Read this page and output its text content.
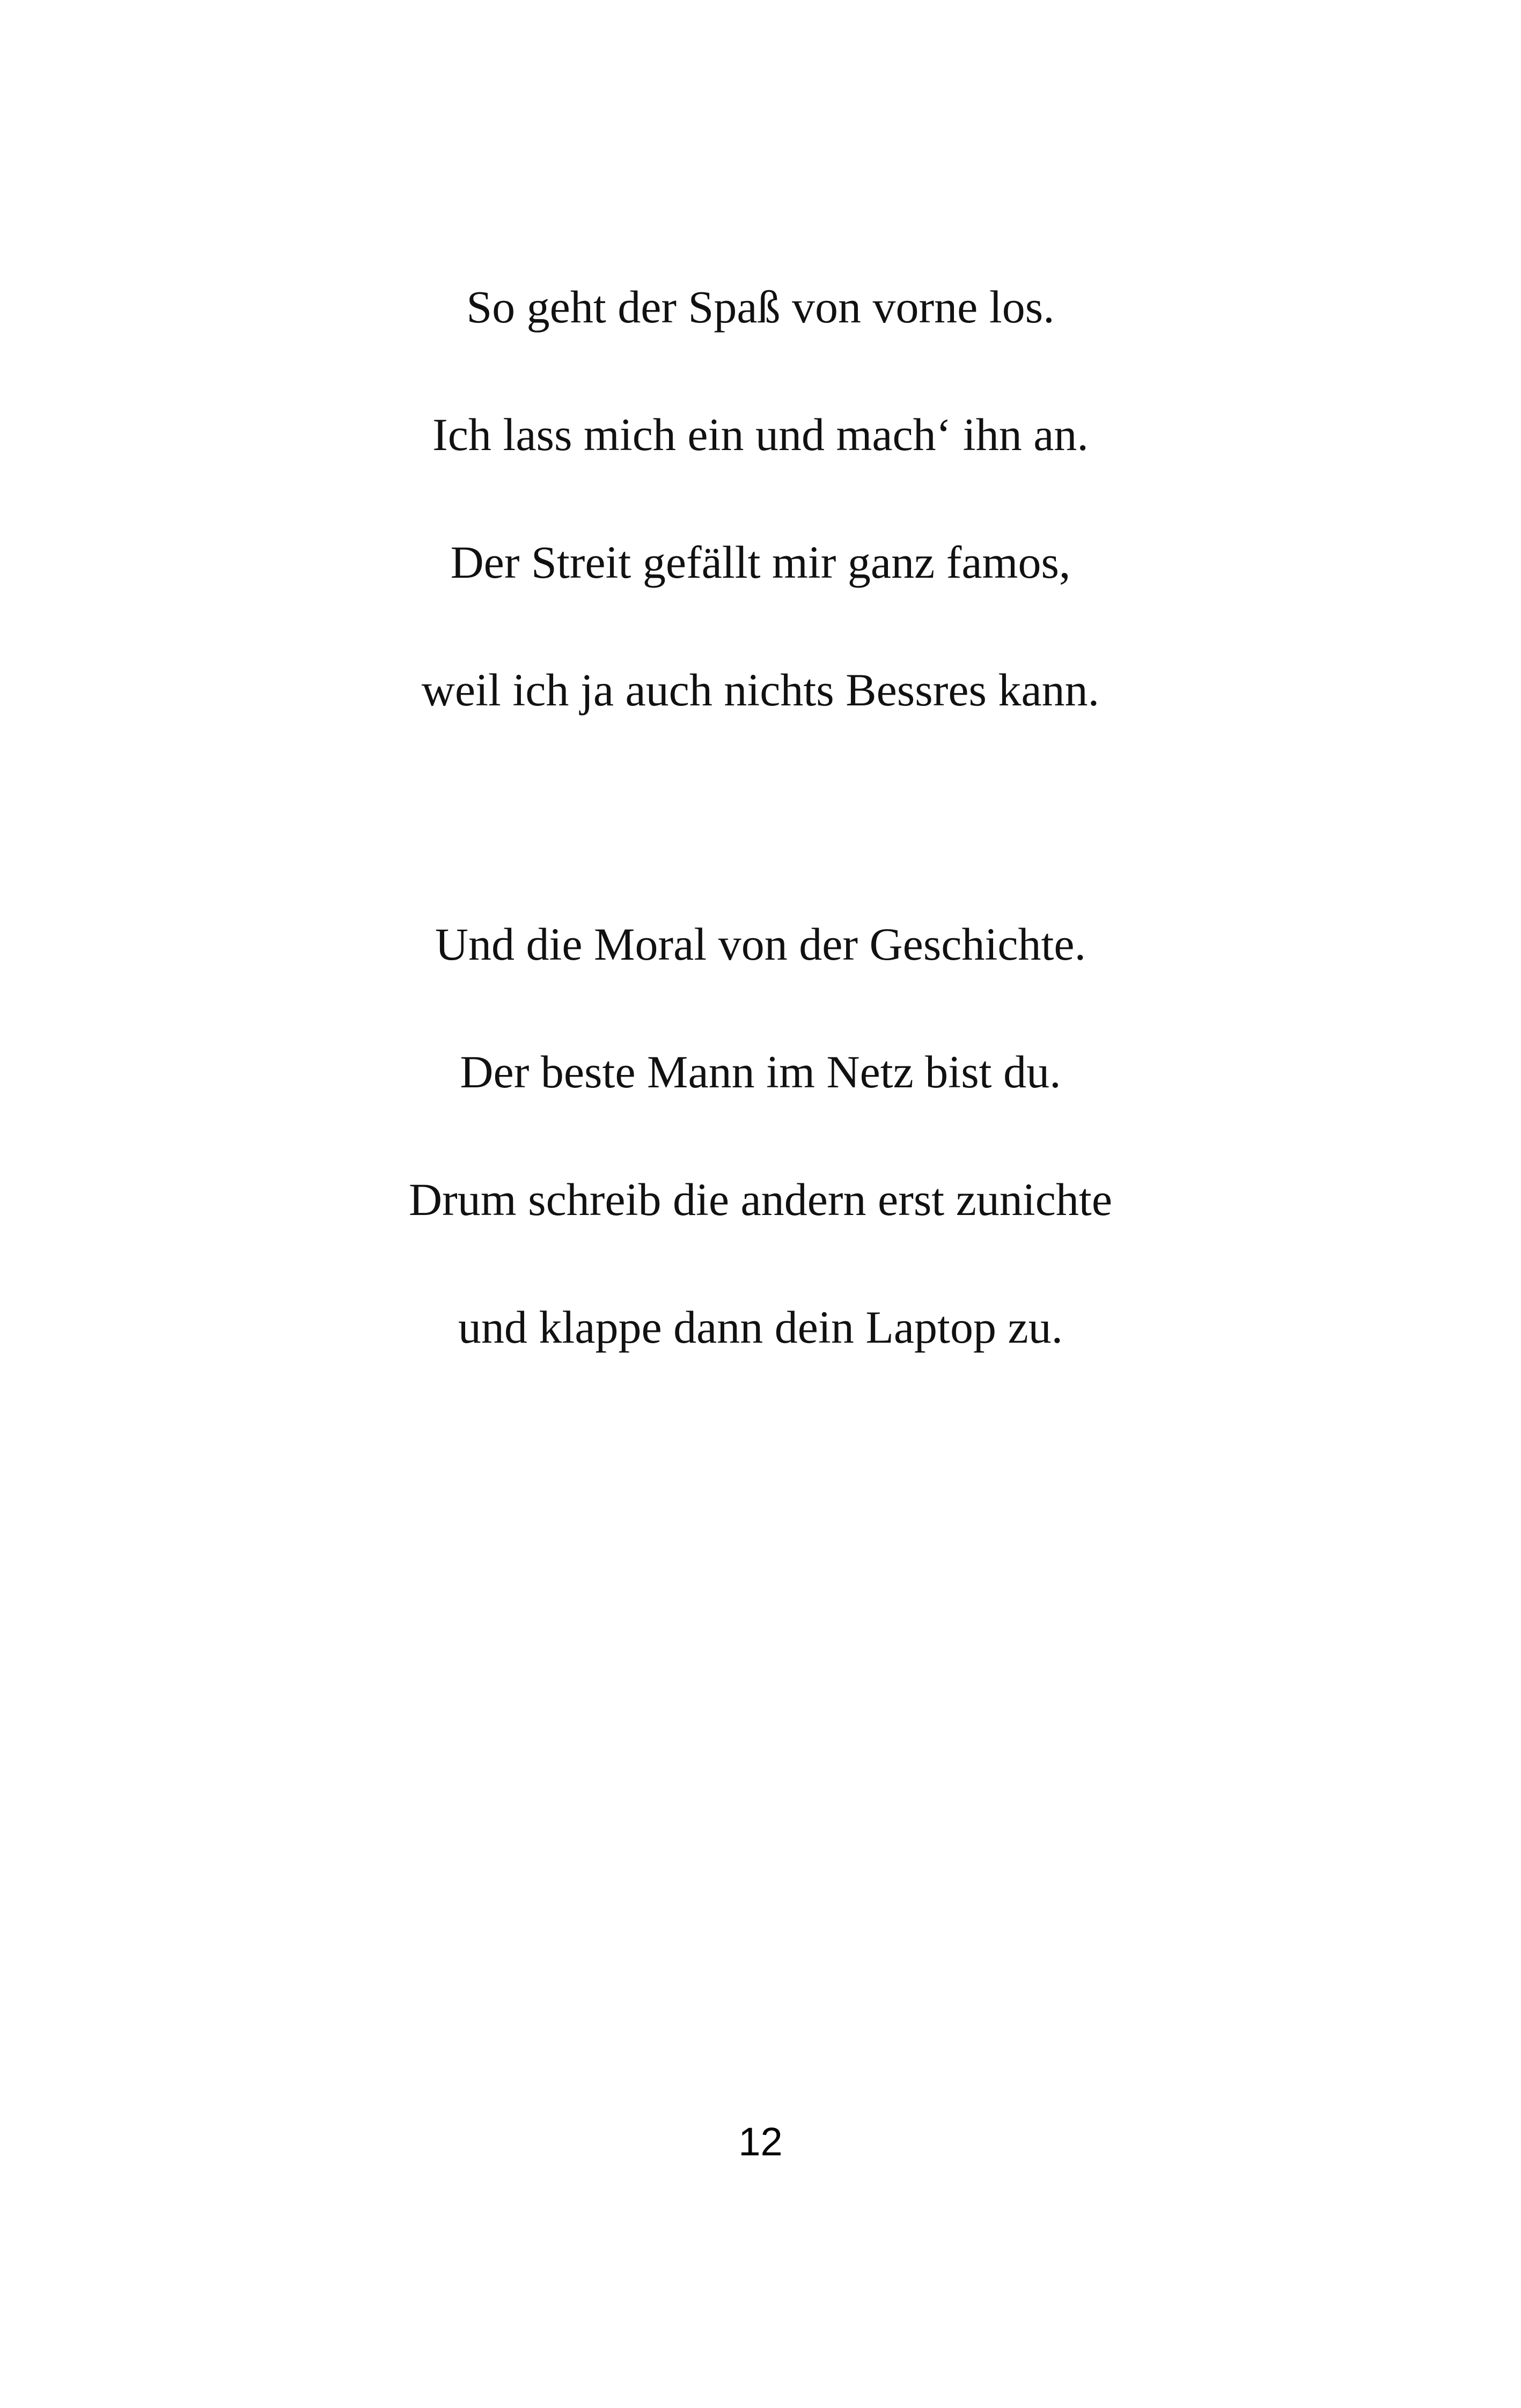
So geht der Spaß von vorne los.
Ich lass mich ein und mach‘ ihn an.
Der Streit gefällt mir ganz famos,
weil ich ja auch nichts Bessres kann.
Und die Moral von der Geschichte.
Der beste Mann im Netz bist du.
Drum schreib die andern erst zunichte
und klappe dann dein Laptop zu.
12
